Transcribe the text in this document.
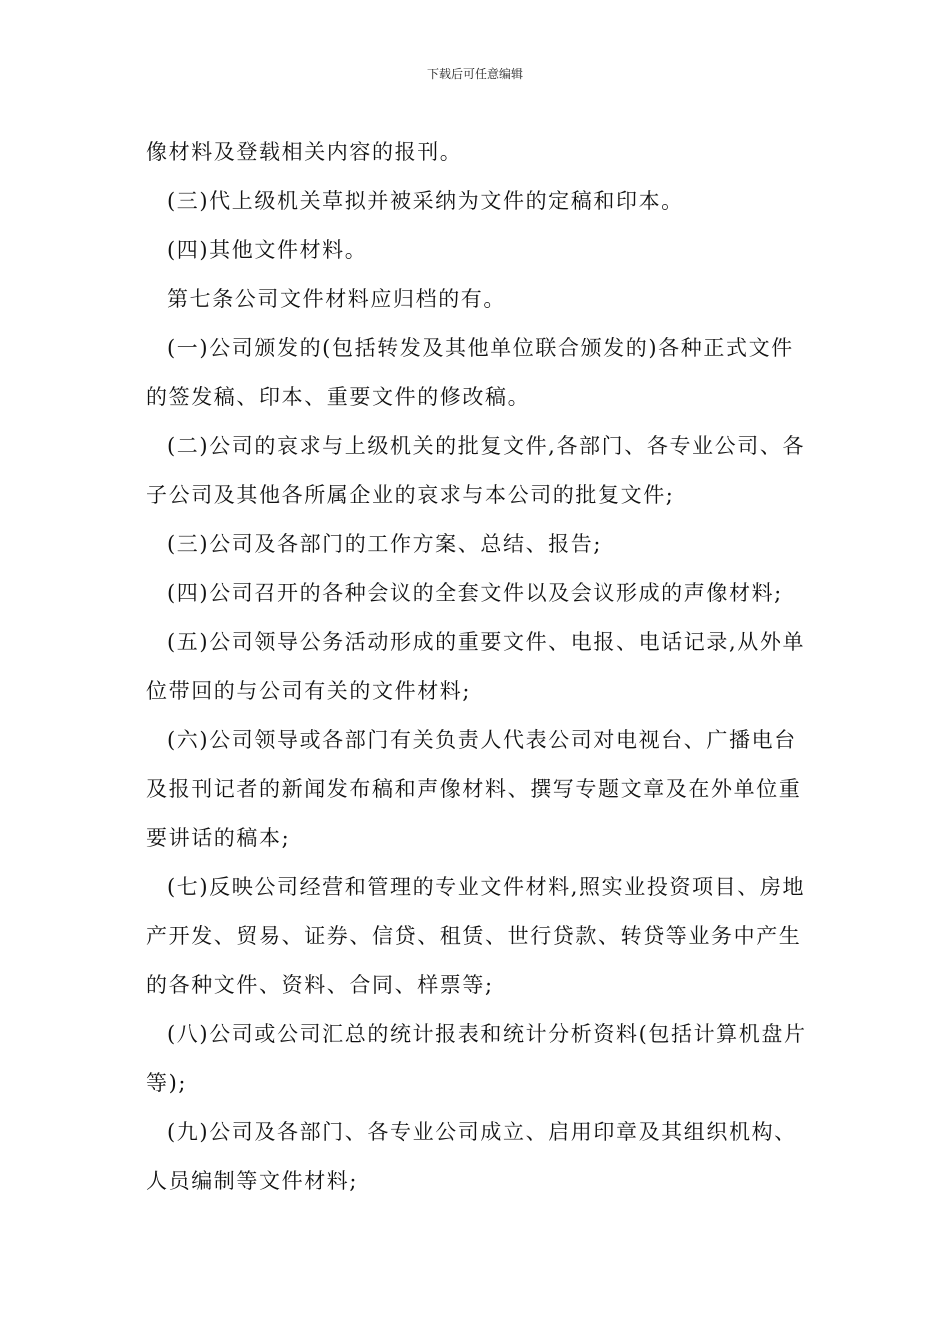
下载后可任意编辑

像材料及登载相关内容的报刊。

(三)代上级机关草拟并被采纳为文件的定稿和印本。

(四)其他文件材料。

第七条公司文件材料应归档的有。

(一)公司颁发的(包括转发及其他单位联合颁发的)各种正式文件的签发稿、印本、重要文件的修改稿。

(二)公司的哀求与上级机关的批复文件,各部门、各专业公司、各子公司及其他各所属企业的哀求与本公司的批复文件;

(三)公司及各部门的工作方案、总结、报告;

(四)公司召开的各种会议的全套文件以及会议形成的声像材料;

(五)公司领导公务活动形成的重要文件、电报、电话记录,从外单位带回的与公司有关的文件材料;

(六)公司领导或各部门有关负责人代表公司对电视台、广播电台及报刊记者的新闻发布稿和声像材料、撰写专题文章及在外单位重要讲话的稿本;

(七)反映公司经营和管理的专业文件材料,照实业投资项目、房地产开发、贸易、证券、信贷、租赁、世行贷款、转贷等业务中产生的各种文件、资料、合同、样票等;

(八)公司或公司汇总的统计报表和统计分析资料(包括计算机盘片等);

(九)公司及各部门、各专业公司成立、启用印章及其组织机构、人员编制等文件材料;
